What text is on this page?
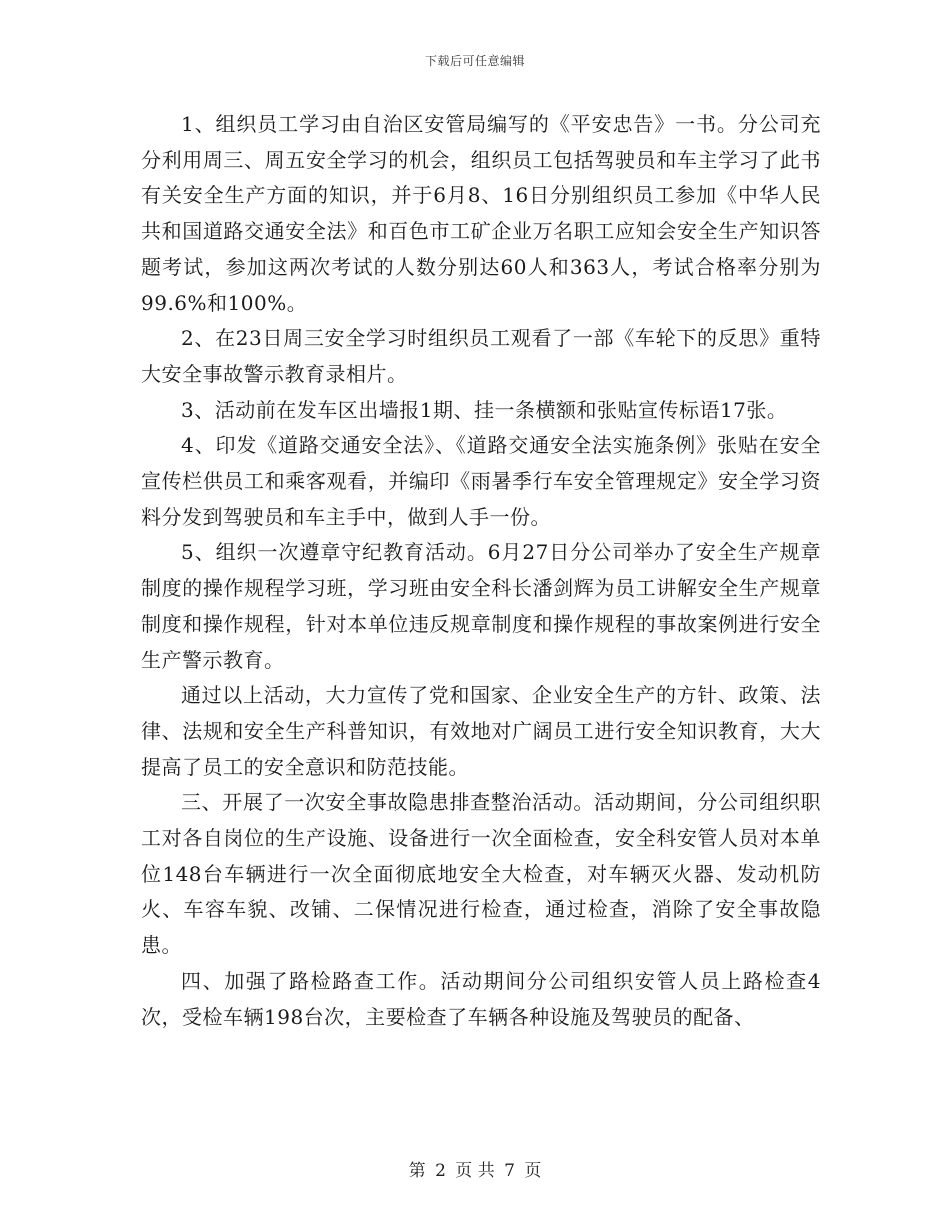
下载后可任意编辑

1、组织员工学习由自治区安管局编写的《平安忠告》一书。分公司充分利用周三、周五安全学习的机会，组织员工包括驾驶员和车主学习了此书有关安全生产方面的知识，并于6月8、16日分别组织员工参加《中华人民共和国道路交通安全法》和百色市工矿企业万名职工应知会安全生产知识答题考试，参加这两次考试的人数分别达60人和363人，考试合格率分别为99.6%和100%。

2、在23日周三安全学习时组织员工观看了一部《车轮下的反思》重特大安全事故警示教育录相片。

3、活动前在发车区出墙报1期、挂一条横额和张贴宣传标语17张。

4、印发《道路交通安全法》、《道路交通安全法实施条例》张贴在安全宣传栏供员工和乘客观看，并编印《雨暑季行车安全管理规定》安全学习资料分发到驾驶员和车主手中，做到人手一份。

5、组织一次遵章守纪教育活动。6月27日分公司举办了安全生产规章制度的操作规程学习班，学习班由安全科长潘剑辉为员工讲解安全生产规章制度和操作规程，针对本单位违反规章制度和操作规程的事故案例进行安全生产警示教育。

通过以上活动，大力宣传了党和国家、企业安全生产的方针、政策、法律、法规和安全生产科普知识，有效地对广阔员工进行安全知识教育，大大提高了员工的安全意识和防范技能。

三、开展了一次安全事故隐患排查整治活动。活动期间，分公司组织职工对各自岗位的生产设施、设备进行一次全面检查，安全科安管人员对本单位148台车辆进行一次全面彻底地安全大检查，对车辆灭火器、发动机防火、车容车貌、改铺、二保情况进行检查，通过检查，消除了安全事故隐患。

四、加强了路检路查工作。活动期间分公司组织安管人员上路检查4次，受检车辆198台次，主要检查了车辆各种设施及驾驶员的配备、

第 2 页 共 7 页
